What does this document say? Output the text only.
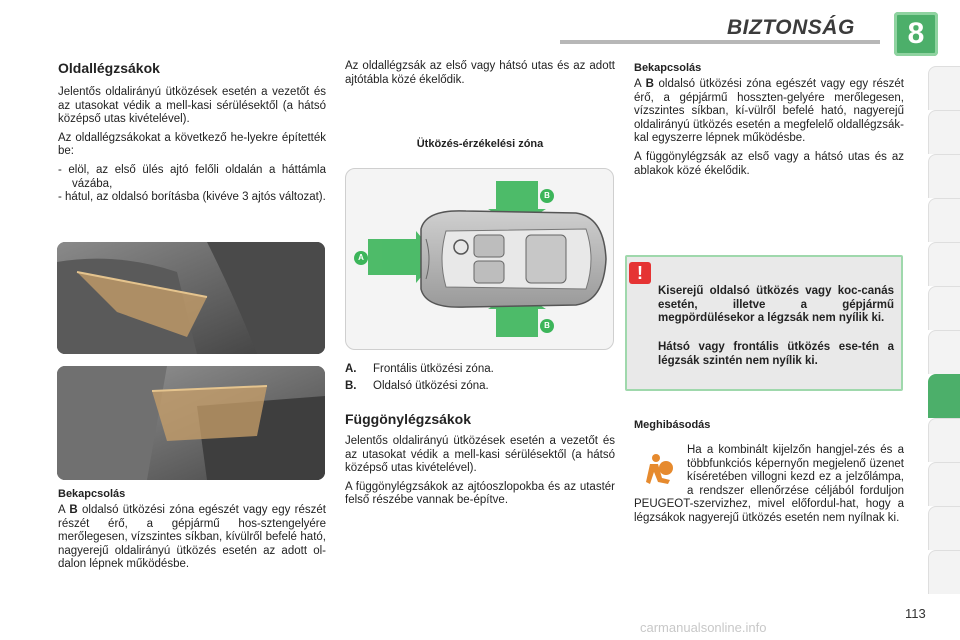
BIZTONSÁG	8
Oldallégzsákok

Jelentős oldalirányú ütközések esetén a vezetőt és az utasokat védik a mell-kasi sérülésektől (a hátsó középső utas kivételével).

Az oldallégzsákokat a következő he-lyekre építették be:

- elöl, az első ülés ajtó felőli oldalán a háttámla vázába,

- hátul, az oldalsó borításba (kivéve 3 ajtós változat).

Bekapcsolás

A B oldalsó ütközési zóna egészét vagy egy részét részét érő, a gépjármű hos-sztengelyére merőlegesen, vízszintes síkban, kívülről befelé ható, nagyerejű oldalirányú ütközés esetén az adott ol-dalon lépnek működésbe.

Az oldallégzsák az első vagy hátsó utas és az adott ajtótábla közé ékelődik.

Ütközés-érzékelési zóna
A
B
B
A. Frontális ütközési zóna.
B. Oldalsó ütközési zóna.
Függönylégzsákok

Jelentős oldalirányú ütközések esetén a vezetőt és az utasokat védik a mell-kasi sérülésektől (a hátsó középső utas kivételével).

A függönylégzsákok az ajtóoszlopokba és az utastér felső részébe vannak be-építve.

Bekapcsolás

A B oldalsó ütközési zóna egészét vagy egy részét érő, a gépjármű hosszten-gelyére merőlegesen, vízszintes síkban, kí-vülről befelé ható, nagyerejű oldalirányú ütközés esetén a megfelelő oldallégzsák-kal egyszerre lépnek működésbe.

A függönylégzsák az első vagy a hátsó utas és az ablakok közé ékelődik.

!
Kiserejű oldalsó ütközés vagy koc-canás esetén, illetve a gépjármű megpördülésekor a légzsák nem nyílik ki.
Hátsó vagy frontális ütközés ese-tén a légzsák szintén nem nyílik ki.
Meghibásodás

Ha a kombinált kijelzőn hangjel-zés és a többfunkciós képernyőn megjelenő üzenet kíséretében villogni kezd ez a jelzőlámpa, a rendszer ellenőrzése céljából forduljon PEUGEOT-szervizhez, mivel előfordul-hat, hogy a légzsákok nagyerejű ütközés esetén nem nyílnak ki.

113
carmanualsonline.info
